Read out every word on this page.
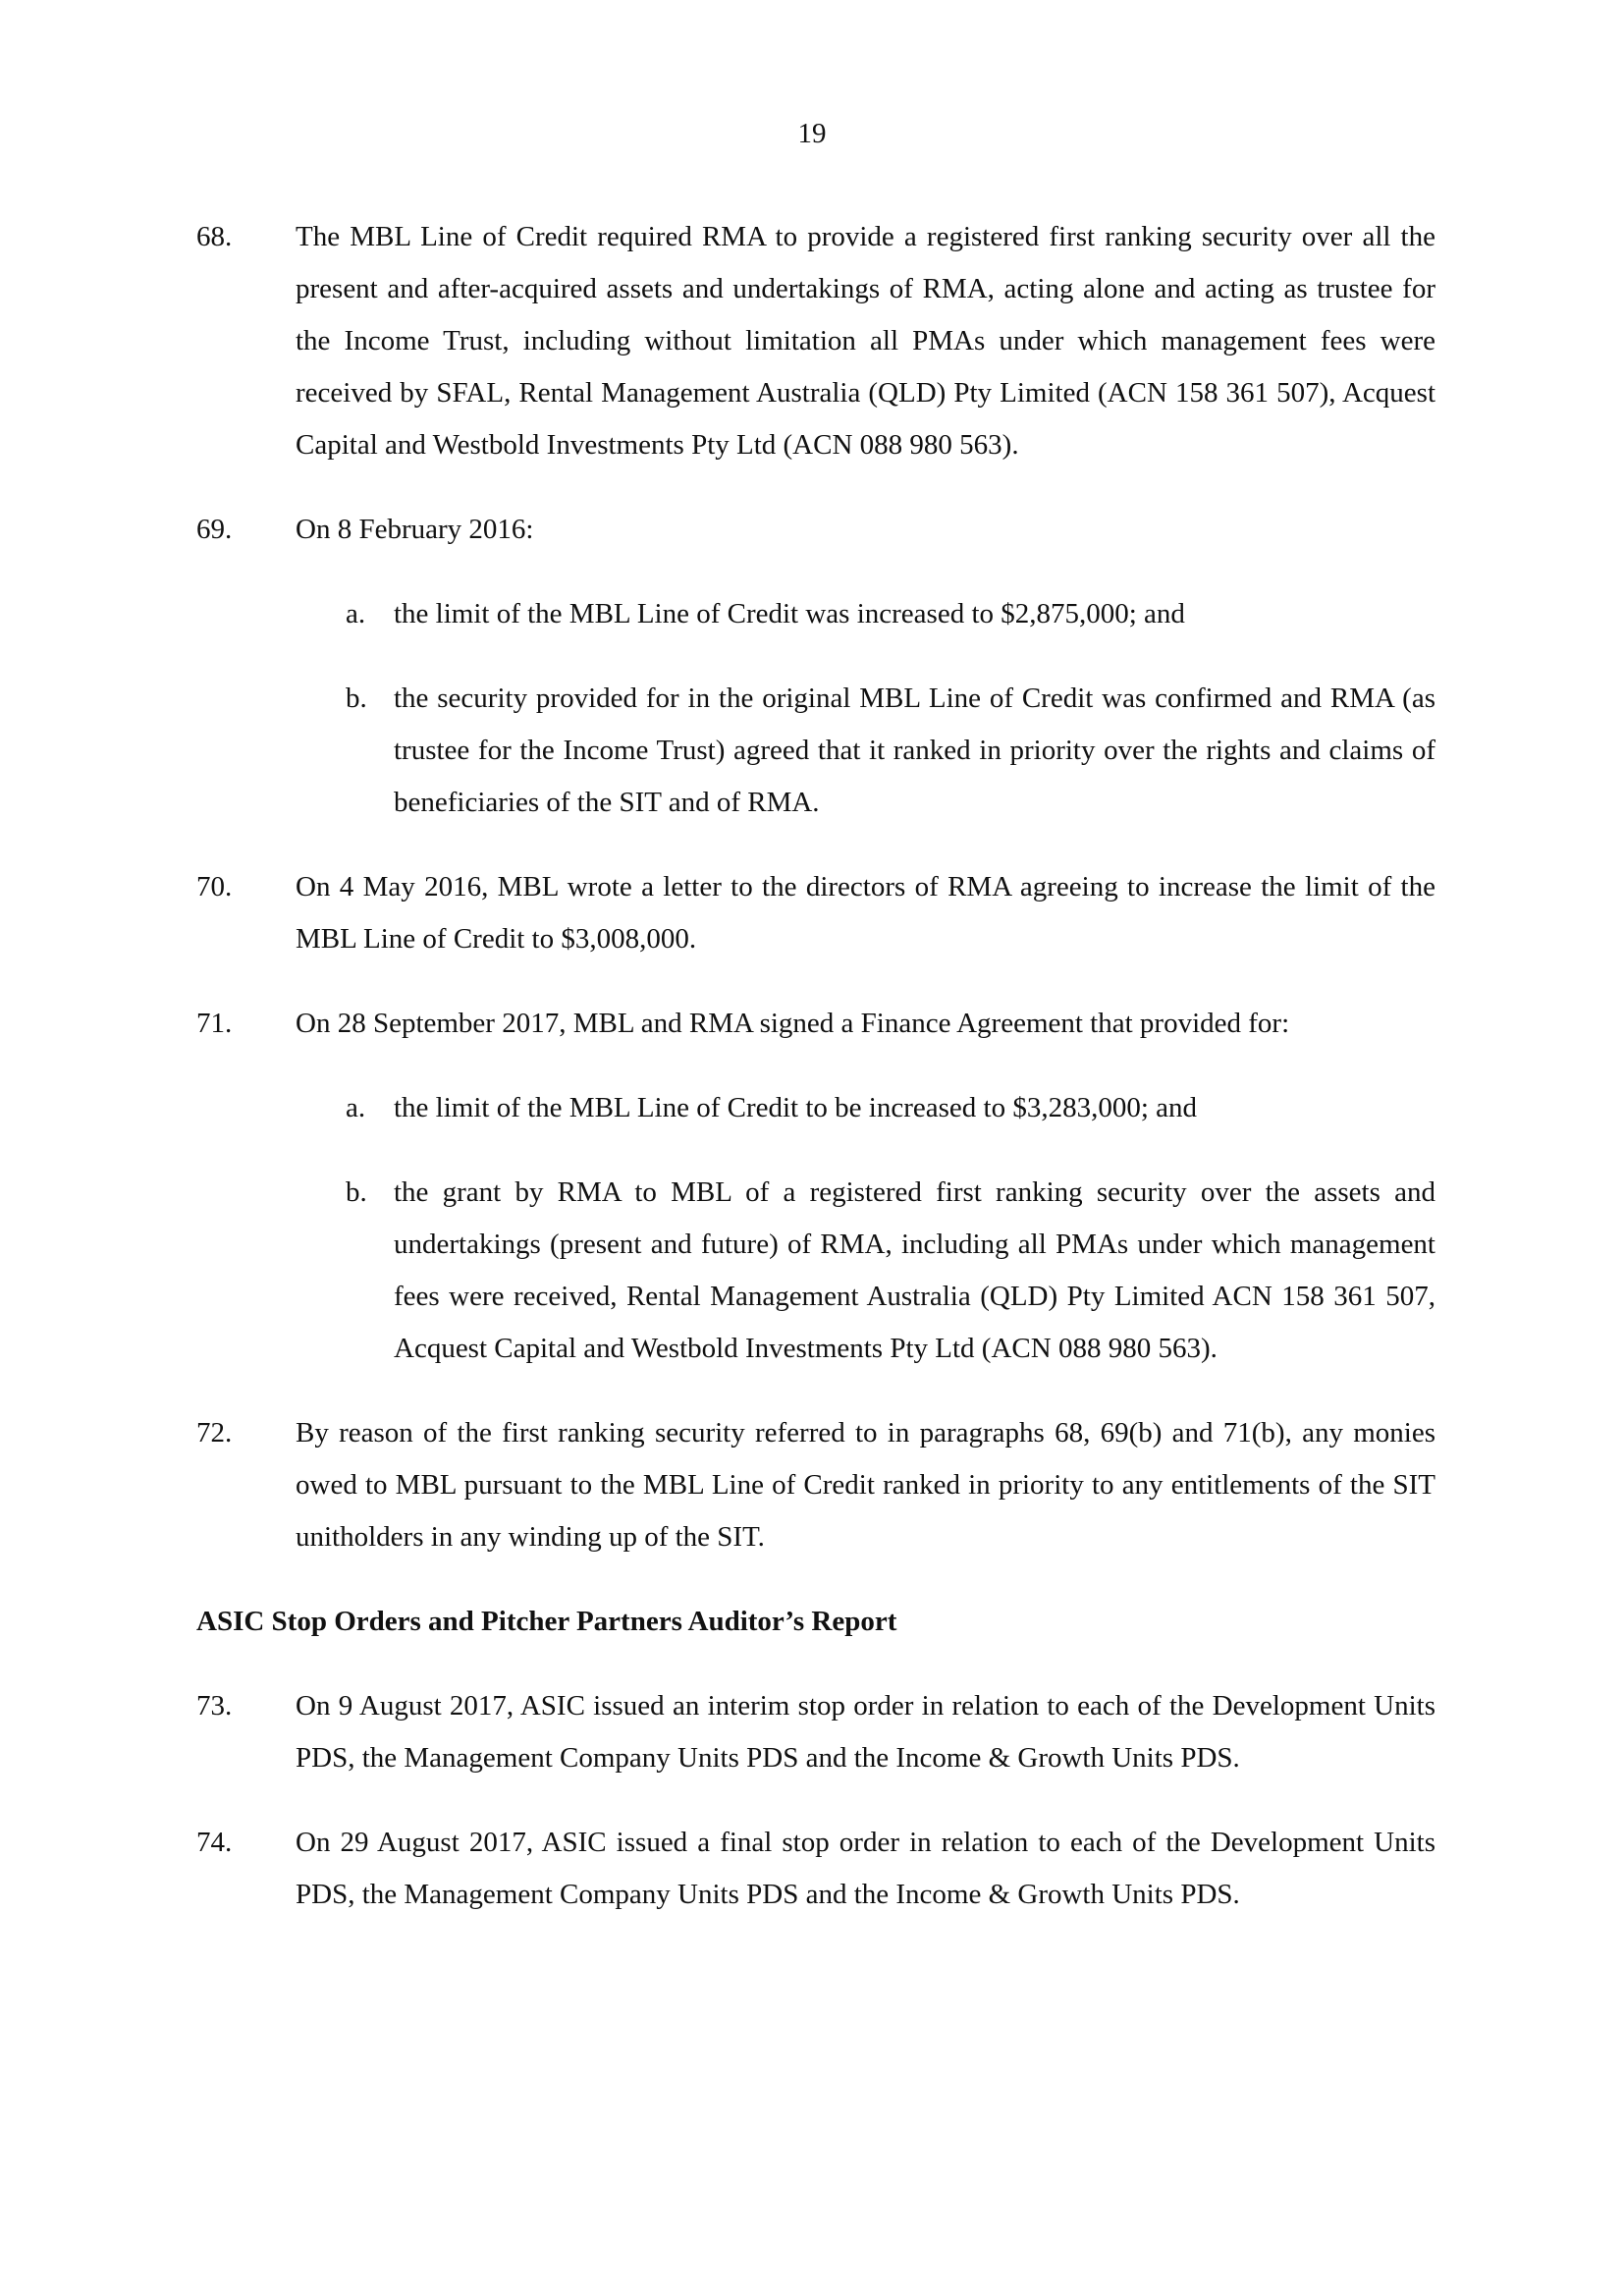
19
68. The MBL Line of Credit required RMA to provide a registered first ranking security over all the present and after-acquired assets and undertakings of RMA, acting alone and acting as trustee for the Income Trust, including without limitation all PMAs under which management fees were received by SFAL, Rental Management Australia (QLD) Pty Limited (ACN 158 361 507), Acquest Capital and Westbold Investments Pty Ltd (ACN 088 980 563).
69. On 8 February 2016:
a. the limit of the MBL Line of Credit was increased to $2,875,000; and
b. the security provided for in the original MBL Line of Credit was confirmed and RMA (as trustee for the Income Trust) agreed that it ranked in priority over the rights and claims of beneficiaries of the SIT and of RMA.
70. On 4 May 2016, MBL wrote a letter to the directors of RMA agreeing to increase the limit of the MBL Line of Credit to $3,008,000.
71. On 28 September 2017, MBL and RMA signed a Finance Agreement that provided for:
a. the limit of the MBL Line of Credit to be increased to $3,283,000; and
b. the grant by RMA to MBL of a registered first ranking security over the assets and undertakings (present and future) of RMA, including all PMAs under which management fees were received, Rental Management Australia (QLD) Pty Limited ACN 158 361 507, Acquest Capital and Westbold Investments Pty Ltd (ACN 088 980 563).
72. By reason of the first ranking security referred to in paragraphs 68, 69(b) and 71(b), any monies owed to MBL pursuant to the MBL Line of Credit ranked in priority to any entitlements of the SIT unitholders in any winding up of the SIT.
ASIC Stop Orders and Pitcher Partners Auditor’s Report
73. On 9 August 2017, ASIC issued an interim stop order in relation to each of the Development Units PDS, the Management Company Units PDS and the Income & Growth Units PDS.
74. On 29 August 2017, ASIC issued a final stop order in relation to each of the Development Units PDS, the Management Company Units PDS and the Income & Growth Units PDS.
